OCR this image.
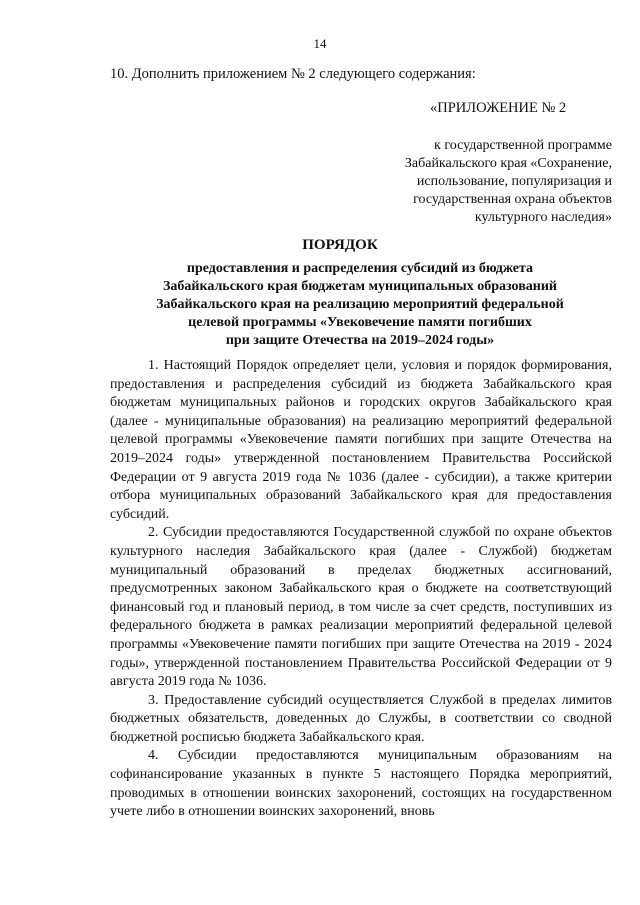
14
10. Дополнить приложением № 2 следующего содержания:
«ПРИЛОЖЕНИЕ № 2
к государственной программе
Забайкальского края «Сохранение,
использование, популяризация и
государственная охрана объектов
культурного наследия»
ПОРЯДОК
предоставления и распределения субсидий из бюджета
Забайкальского края бюджетам муниципальных образований
Забайкальского края на реализацию мероприятий федеральной
целевой программы «Увековечение памяти погибших
при защите Отечества на 2019–2024 годы»

1. Настоящий Порядок определяет цели, условия и порядок формирования, предоставления и распределения субсидий из бюджета Забайкальского края бюджетам муниципальных районов и городских округов Забайкальского края (далее - муниципальные образования) на реализацию мероприятий федеральной целевой программы «Увековечение памяти погибших при защите Отечества на 2019–2024 годы» утвержденной постановлением Правительства Российской Федерации от 9 августа 2019 года № 1036 (далее - субсидии), а также критерии отбора муниципальных образований Забайкальского края для предоставления субсидий.

2. Субсидии предоставляются Государственной службой по охране объектов культурного наследия Забайкальского края (далее - Службой) бюджетам муниципальный образований в пределах бюджетных ассигнований, предусмотренных законом Забайкальского края о бюджете на соответствующий финансовый год и плановый период, в том числе за счет средств, поступивших из федерального бюджета в рамках реализации мероприятий федеральной целевой программы «Увековечение памяти погибших при защите Отечества на 2019 - 2024 годы», утвержденной постановлением Правительства Российской Федерации от 9 августа 2019 года № 1036.

3. Предоставление субсидий осуществляется Службой в пределах лимитов бюджетных обязательств, доведенных до Службы, в соответствии со сводной бюджетной росписью бюджета Забайкальского края.

4. Субсидии предоставляются муниципальным образованиям на софинансирование указанных в пункте 5 настоящего Порядка мероприятий, проводимых в отношении воинских захоронений, состоящих на государственном учете либо в отношении воинских захоронений, вновь
